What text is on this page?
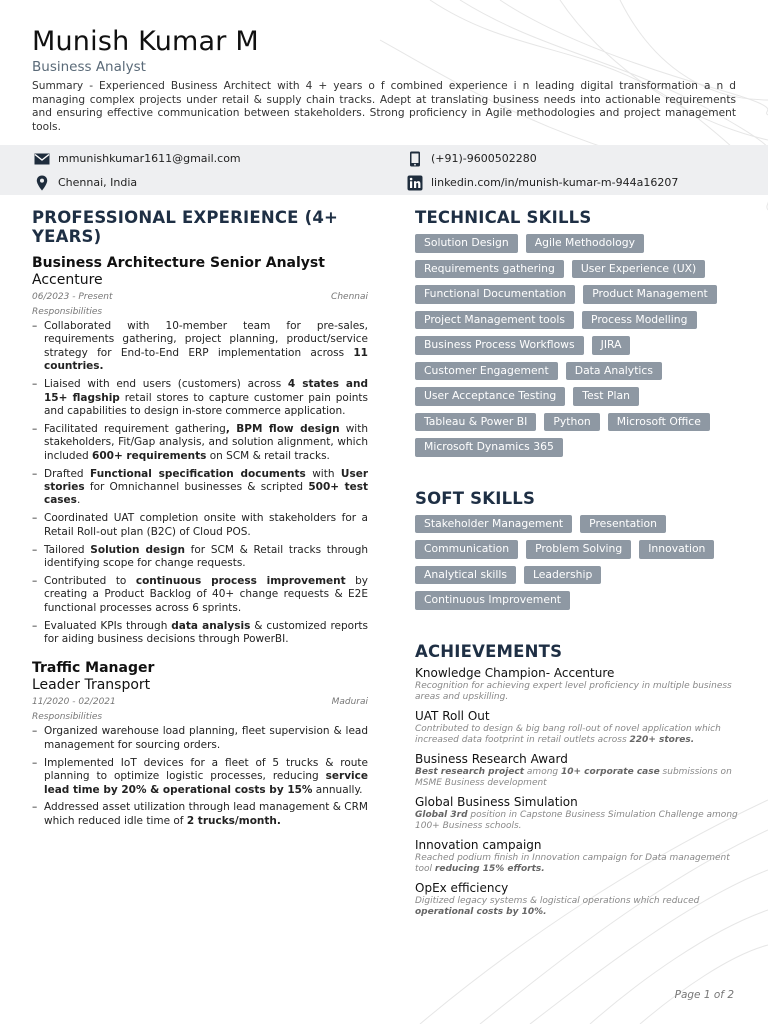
Munish Kumar M
Business Analyst
Summary - Experienced Business Architect with 4 + years o f combined experience i n leading digital transformation a n d managing complex projects under retail & supply chain tracks. Adept at translating business needs into actionable requirements and ensuring effective communication between stakeholders. Strong proficiency in Agile methodologies and project management tools.
mmunishkumar1611@gmail.com	(+91)-9600502280
Chennai, India	linkedin.com/in/munish-kumar-m-944a16207
PROFESSIONAL EXPERIENCE (4+ YEARS)
Business Architecture Senior Analyst
Accenture
06/2023 - Present	Chennai
Responsibilities
– Collaborated with 10-member team for pre-sales, requirements gathering, project planning, product/service strategy for End-to-End ERP implementation across 11 countries.
– Liaised with end users (customers) across 4 states and 15+ flagship retail stores to capture customer pain points and capabilities to design in-store commerce application.
– Facilitated requirement gathering, BPM flow design with stakeholders, Fit/Gap analysis, and solution alignment, which included 600+ requirements on SCM & retail tracks.
– Drafted Functional specification documents with User stories for Omnichannel businesses & scripted 500+ test cases.
– Coordinated UAT completion onsite with stakeholders for a Retail Roll-out plan (B2C) of Cloud POS.
– Tailored Solution design for SCM & Retail tracks through identifying scope for change requests.
– Contributed to continuous process improvement by creating a Product Backlog of 40+ change requests & E2E functional processes across 6 sprints.
– Evaluated KPIs through data analysis & customized reports for aiding business decisions through PowerBI.
Traffic Manager
Leader Transport
11/2020 - 02/2021	Madurai
Responsibilities
– Organized warehouse load planning, fleet supervision & lead management for sourcing orders.
– Implemented IoT devices for a fleet of 5 trucks & route planning to optimize logistic processes, reducing service lead time by 20% & operational costs by 15% annually.
– Addressed asset utilization through lead management & CRM which reduced idle time of 2 trucks/month.
TECHNICAL SKILLS
Solution Design	Agile Methodology
Requirements gathering	User Experience (UX)
Functional Documentation	Product Management
Project Management tools	Process Modelling
Business Process Workflows	JIRA
Customer Engagement	Data Analytics
User Acceptance Testing	Test Plan
Tableau & Power BI	Python	Microsoft Office
Microsoft Dynamics 365
SOFT SKILLS
Stakeholder Management	Presentation
Communication	Problem Solving	Innovation
Analytical skills	Leadership
Continuous Improvement
ACHIEVEMENTS
Knowledge Champion- Accenture
Recognition for achieving expert level proficiency in multiple business areas and upskilling.
UAT Roll Out
Contributed to design & big bang roll-out of novel application which increased data footprint in retail outlets across 220+ stores.
Business Research Award
Best research project among 10+ corporate case submissions on MSME Business development
Global Business Simulation
Global 3rd position in Capstone Business Simulation Challenge among 100+ Business schools.
Innovation campaign
Reached podium finish in Innovation campaign for Data management tool reducing 15% efforts.
OpEx efficiency
Digitized legacy systems & logistical operations which reduced operational costs by 10%.
Page 1 of 2
